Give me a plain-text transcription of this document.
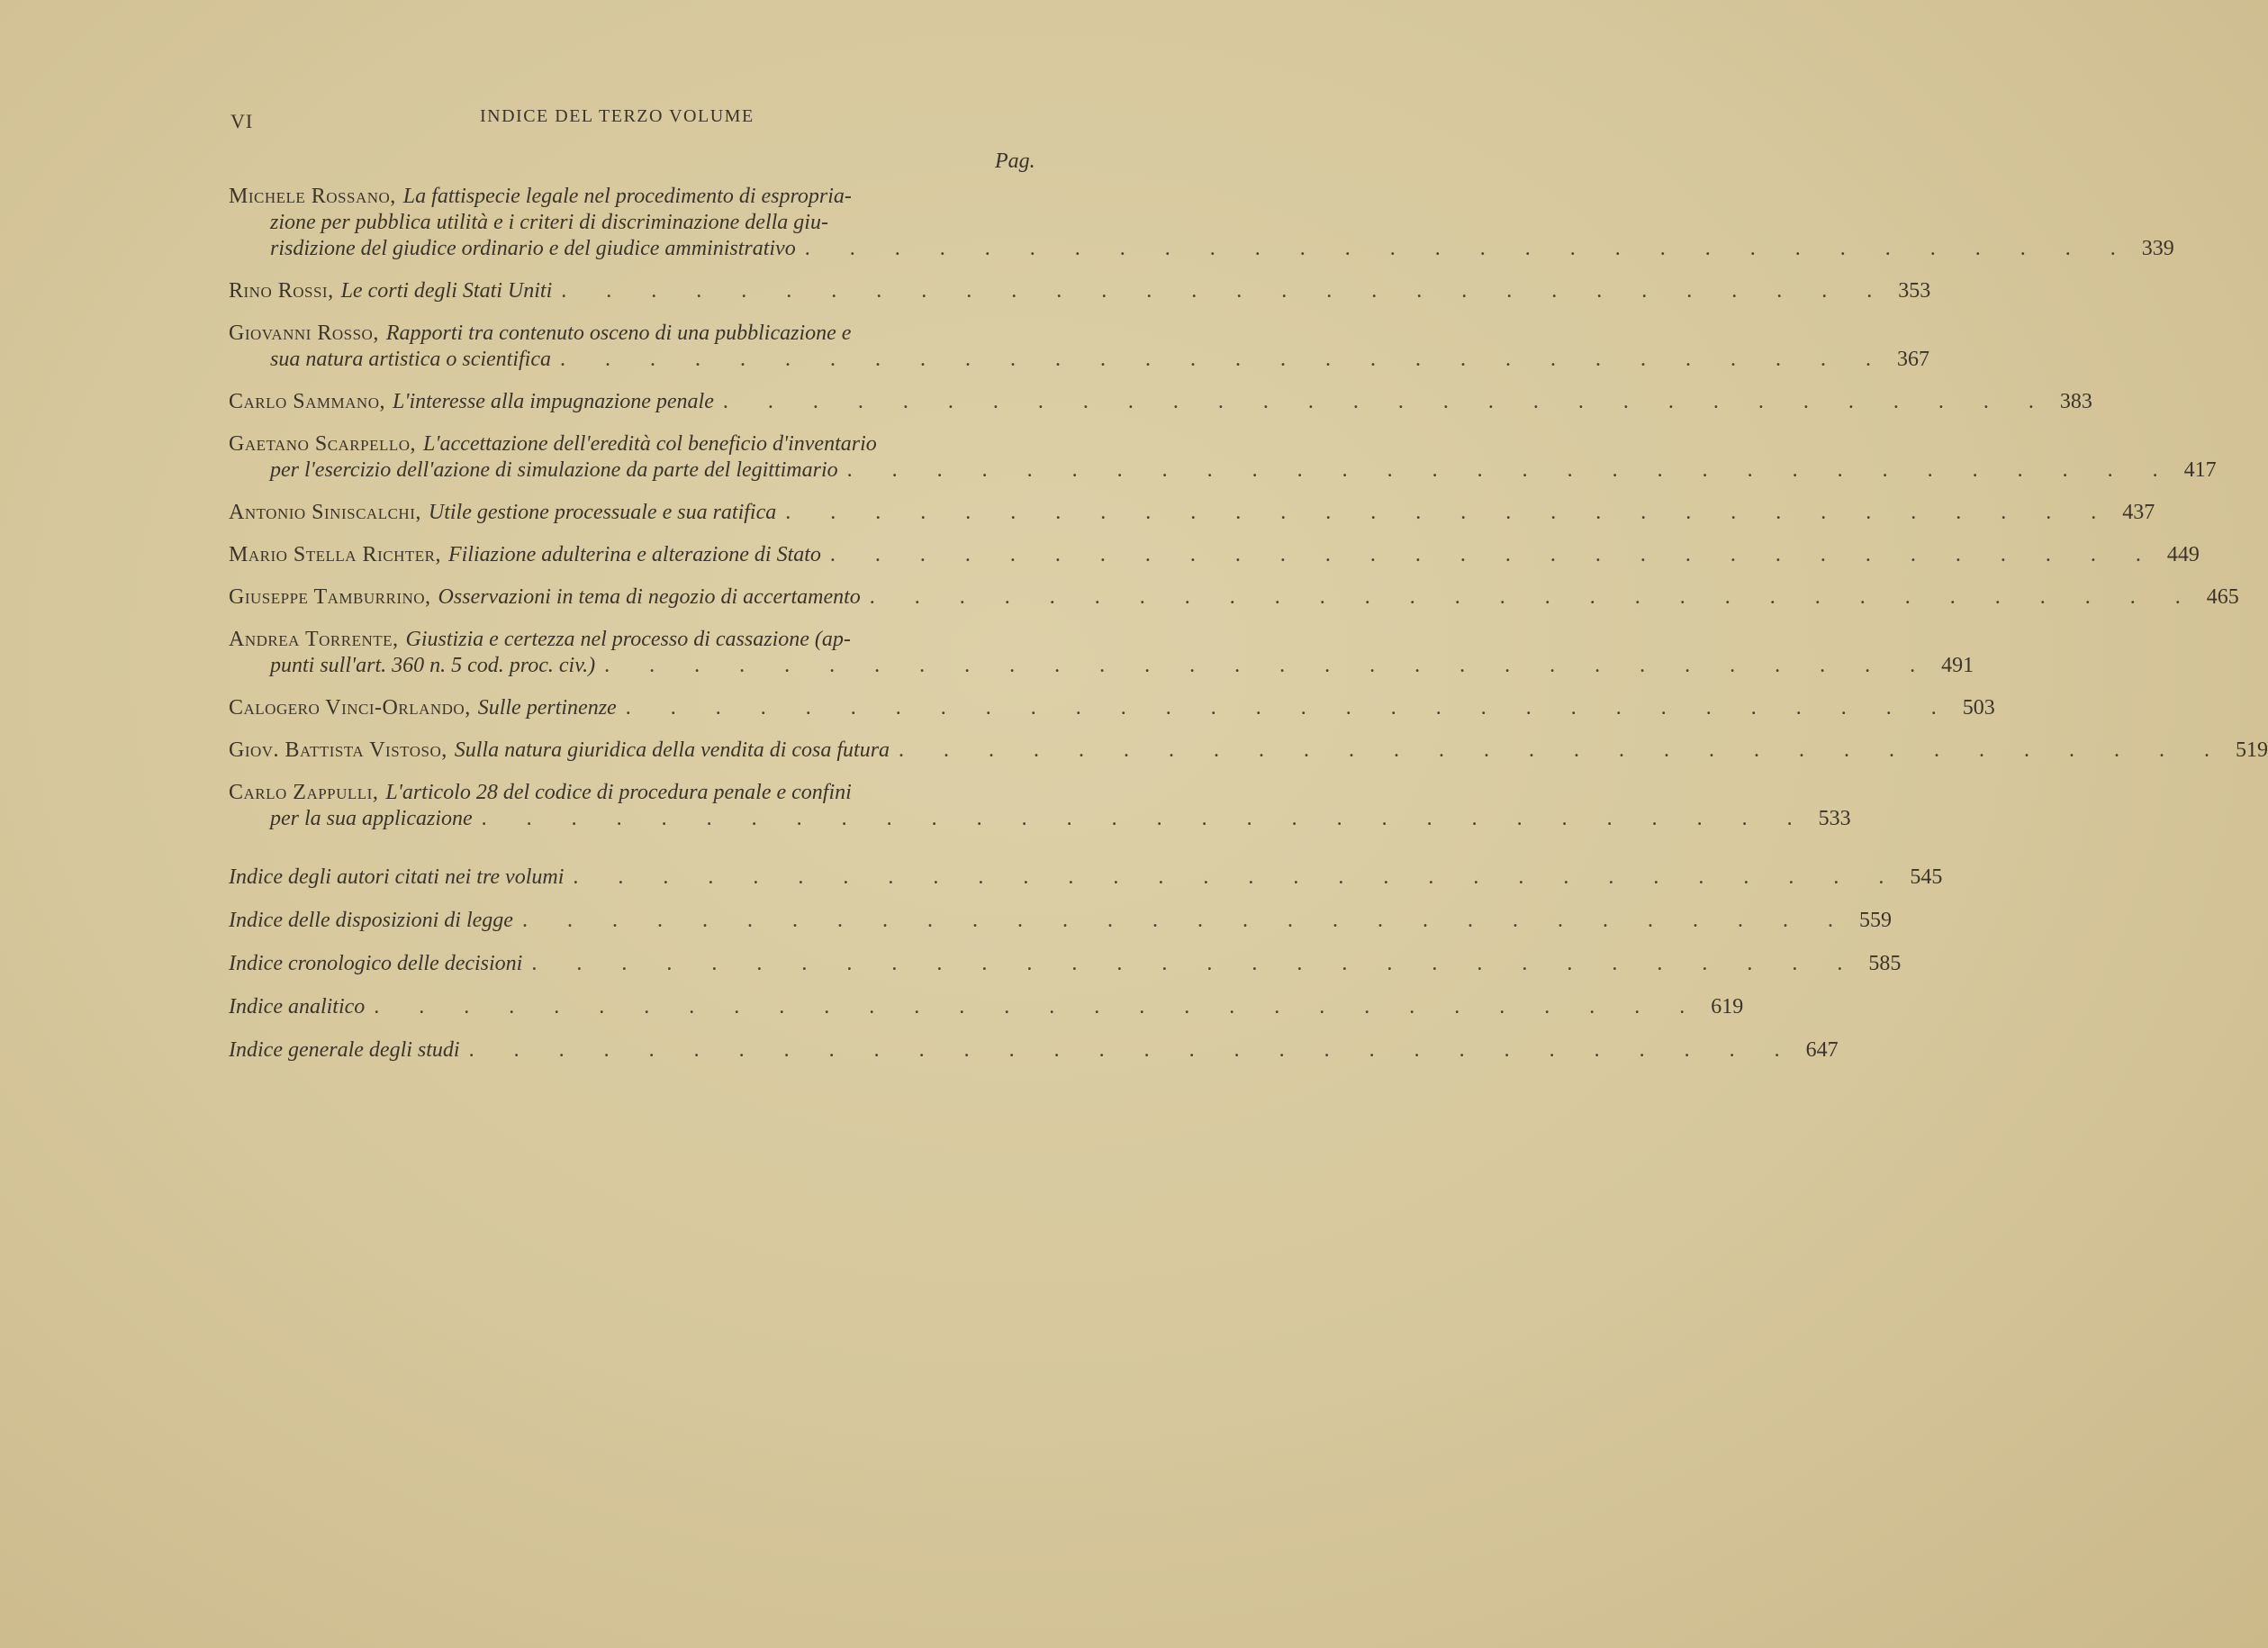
VI	INDICE DEL TERZO VOLUME
Pag.
Michele Rossano, La fattispecie legale nel procedimento di espropria-
zione per pubblica utilità e i criteri di discriminazione della giu-
risdizione del giudice ordinario e del giudice amministrativo . . . . . . . . . . . . . . . . . . . . . . . . . . . . . . 339
Rino Rossi, Le corti degli Stati Uniti . . . . . . . . . . . . . . . . . . . . . . . . . . . . . . 353
Giovanni Rosso, Rapporti tra contenuto osceno di una pubblicazione e
sua natura artistica o scientifica . . . . . . . . . . . . . . . . . . . . . . . . . . . . . . 367
Carlo Sammano, L'interesse alla impugnazione penale . . . . . . . . . . . . . . . . . . . . . . . . . . . . . . 383
Gaetano Scarpello, L'accettazione dell'eredità col beneficio d'inventario
per l'esercizio dell'azione di simulazione da parte del legittimario . . . . . . . . . . . . . . . . . . . . . . . . . . . . . . 417
Antonio Siniscalchi, Utile gestione processuale e sua ratifica . . . . . . . . . . . . . . . . . . . . . . . . . . . . . . 437
Mario Stella Richter, Filiazione adulterina e alterazione di Stato . . . . . . . . . . . . . . . . . . . . . . . . . . . . . . 449
Giuseppe Tamburrino, Osservazioni in tema di negozio di accertamento . . . . . . . . . . . . . . . . . . . . . . . . . . . . . . 465
Andrea Torrente, Giustizia e certezza nel processo di cassazione (ap-
punti sull'art. 360 n. 5 cod. proc. civ.) . . . . . . . . . . . . . . . . . . . . . . . . . . . . . . 491
Calogero Vinci-Orlando, Sulle pertinenze . . . . . . . . . . . . . . . . . . . . . . . . . . . . . . 503
Giov. Battista Vistoso, Sulla natura giuridica della vendita di cosa futura . . . . . . . . . . . . . . . . . . . . . . . . . . . . . . 519
Carlo Zappulli, L'articolo 28 del codice di procedura penale e confini
per la sua applicazione . . . . . . . . . . . . . . . . . . . . . . . . . . . . . . 533
Indice degli autori citati nei tre volumi . . . . . . . . . . . . . . . . . . . . . . . . . . . . . . 545
Indice delle disposizioni di legge . . . . . . . . . . . . . . . . . . . . . . . . . . . . . . 559
Indice cronologico delle decisioni . . . . . . . . . . . . . . . . . . . . . . . . . . . . . . 585
Indice analitico . . . . . . . . . . . . . . . . . . . . . . . . . . . . . . 619
Indice generale degli studi . . . . . . . . . . . . . . . . . . . . . . . . . . . . . . 647
